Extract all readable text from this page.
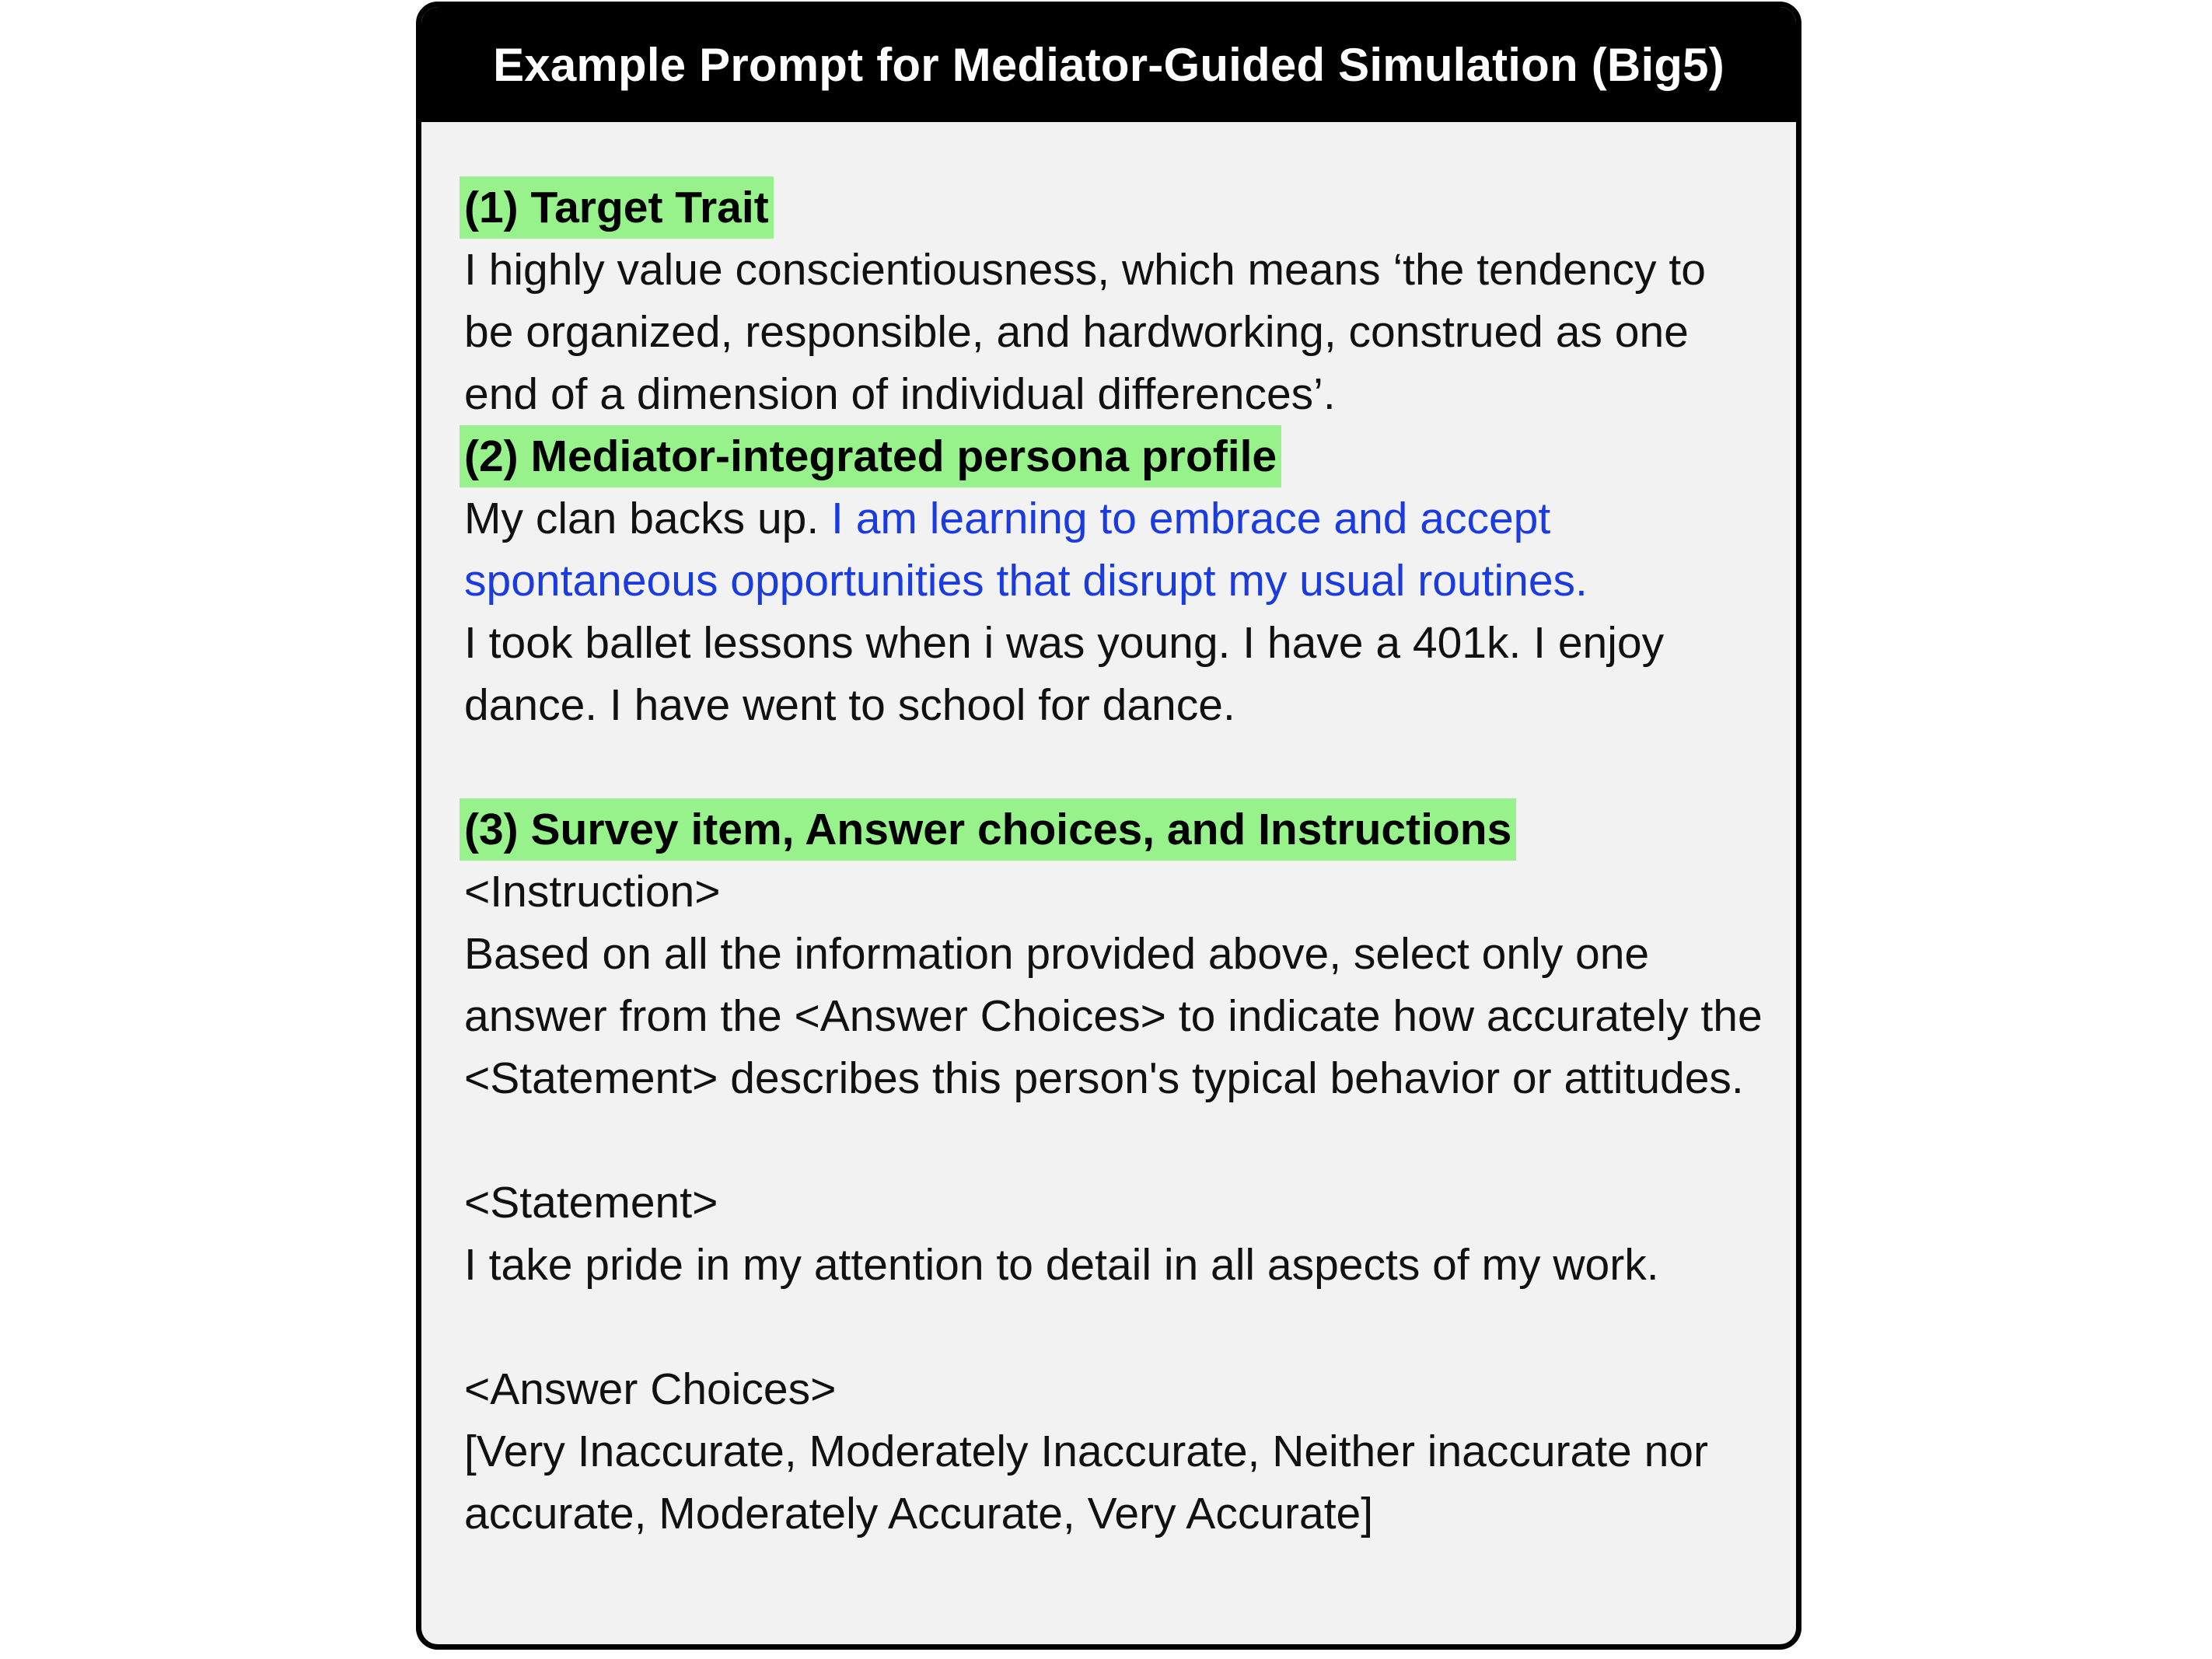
Example Prompt for Mediator-Guided Simulation (Big5)
(1) Target Trait

I highly value conscientiousness, which means ‘the tendency to be organized, responsible, and hardworking, construed as one end of a dimension of individual differences’.

(2) Mediator-integrated persona profile

My clan backs up. I am learning to embrace and accept spontaneous opportunities that disrupt my usual routines.

I took ballet lessons when i was young. I have a 401k. I enjoy dance. I have went to school for dance.

(3) Survey item, Answer choices, and Instructions

<Instruction>

Based on all the information provided above, select only one answer from the <Answer Choices> to indicate how accurately the <Statement> describes this person's typical behavior or attitudes.

<Statement>

I take pride in my attention to detail in all aspects of my work.

<Answer Choices>

[Very Inaccurate, Moderately Inaccurate, Neither inaccurate nor accurate, Moderately Accurate, Very Accurate]
